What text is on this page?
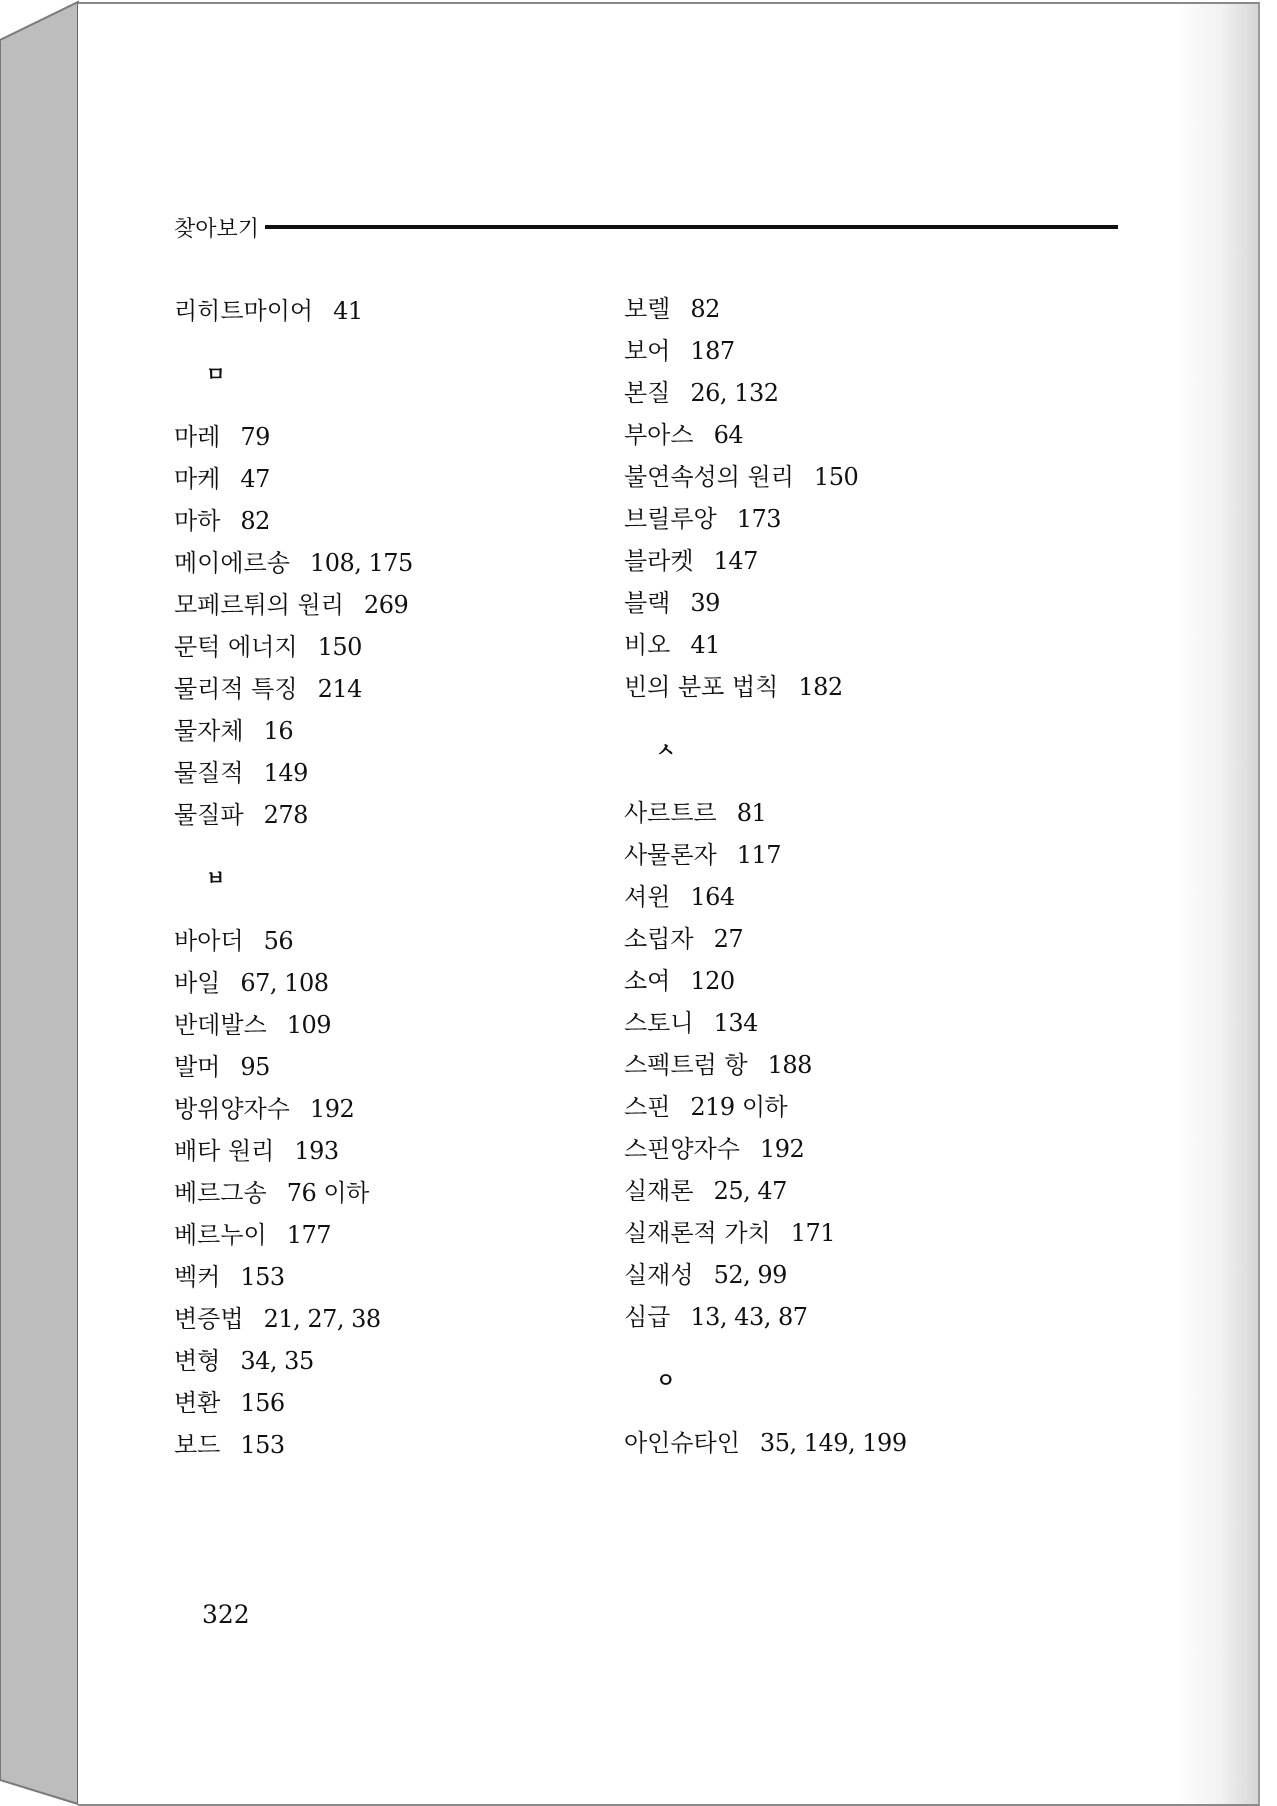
찾아보기
리히트마이어 41
ㅁ
마레 79
마케 47
마하 82
메이에르송 108, 175
모페르튀의 원리 269
문턱 에너지 150
물리적 특징 214
물자체 16
물질적 149
물질파 278
ㅂ
바아더 56
바일 67, 108
반데발스 109
발머 95
방위양자수 192
배타 원리 193
베르그송 76 이하
베르누이 177
벡커 153
변증법 21, 27, 38
변형 34, 35
변환 156
보드 153
보렐 82
보어 187
본질 26, 132
부아스 64
불연속성의 원리 150
브릴루앙 173
블라켓 147
블랙 39
비오 41
빈의 분포 법칙 182
ㅅ
사르트르 81
사물론자 117
셔윈 164
소립자 27
소여 120
스토니 134
스펙트럼 항 188
스핀 219 이하
스핀양자수 192
실재론 25, 47
실재론적 가치 171
실재성 52, 99
심급 13, 43, 87
ㅇ
아인슈타인 35, 149, 199
322
